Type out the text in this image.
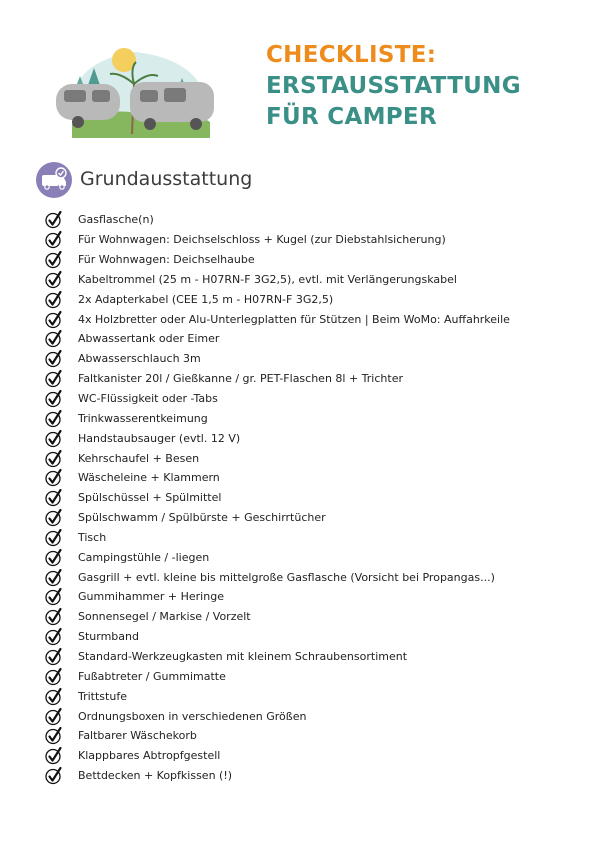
CHECKLISTE:
ERSTAUSSTATTUNG
FÜR CAMPER
Grundausstattung
Gasflasche(n)
Für Wohnwagen: Deichselschloss + Kugel (zur Diebstahlsicherung)
Für Wohnwagen: Deichselhaube
Kabeltrommel (25 m - H07RN-F 3G2,5), evtl. mit Verlängerungskabel
2x Adapterkabel (CEE 1,5 m - H07RN-F 3G2,5)
4x Holzbretter oder Alu-Unterlegplatten für Stützen | Beim WoMo: Auffahrkeile
Abwassertank oder Eimer
Abwasserschlauch 3m
Faltkanister 20l / Gießkanne / gr. PET-Flaschen 8l + Trichter
WC-Flüssigkeit oder -Tabs
Trinkwasserentkeimung
Handstaubsauger (evtl. 12 V)
Kehrschaufel + Besen
Wäscheleine + Klammern
Spülschüssel + Spülmittel
Spülschwamm / Spülbürste + Geschirrtücher
Tisch
Campingstühle / -liegen
Gasgrill + evtl. kleine bis mittelgroße Gasflasche (Vorsicht bei Propangas...)
Gummihammer + Heringe
Sonnensegel / Markise / Vorzelt
Sturmband
Standard-Werkzeugkasten mit kleinem Schraubensortiment
Fußabtreter / Gummimatte
Trittstufe
Ordnungsboxen in verschiedenen Größen
Faltbarer Wäschekorb
Klappbares Abtropfgestell
Bettdecken + Kopfkissen (!)
